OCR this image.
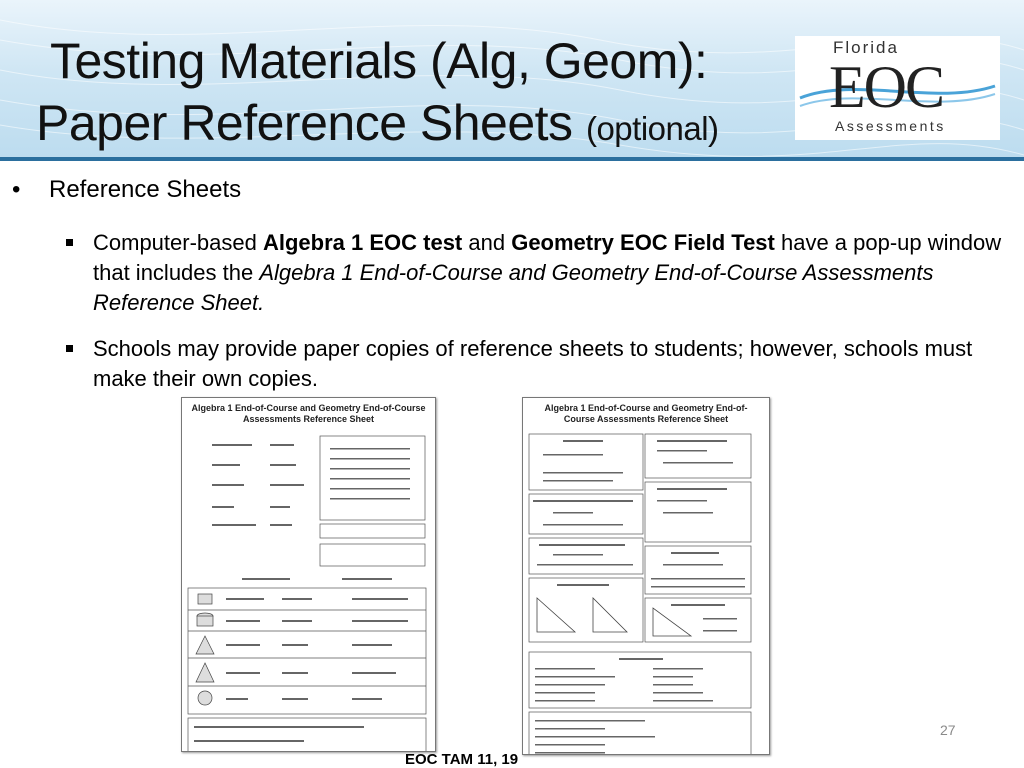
Testing Materials (Alg, Geom):
Paper Reference Sheets (optional)
Florida
EOC
Assessments
• Reference Sheets
Computer-based Algebra 1 EOC test and Geometry EOC Field Test have a pop-up window that includes the Algebra 1 End-of-Course and Geometry End-of-Course Assessments Reference Sheet.
Schools may provide paper copies of reference sheets to students; however, schools must make their own copies.
Algebra 1 End-of-Course and Geometry End-of-Course Assessments Reference Sheet
Algebra 1 End-of-Course and Geometry End-of-Course Assessments Reference Sheet
27
EOC TAM 11, 19
